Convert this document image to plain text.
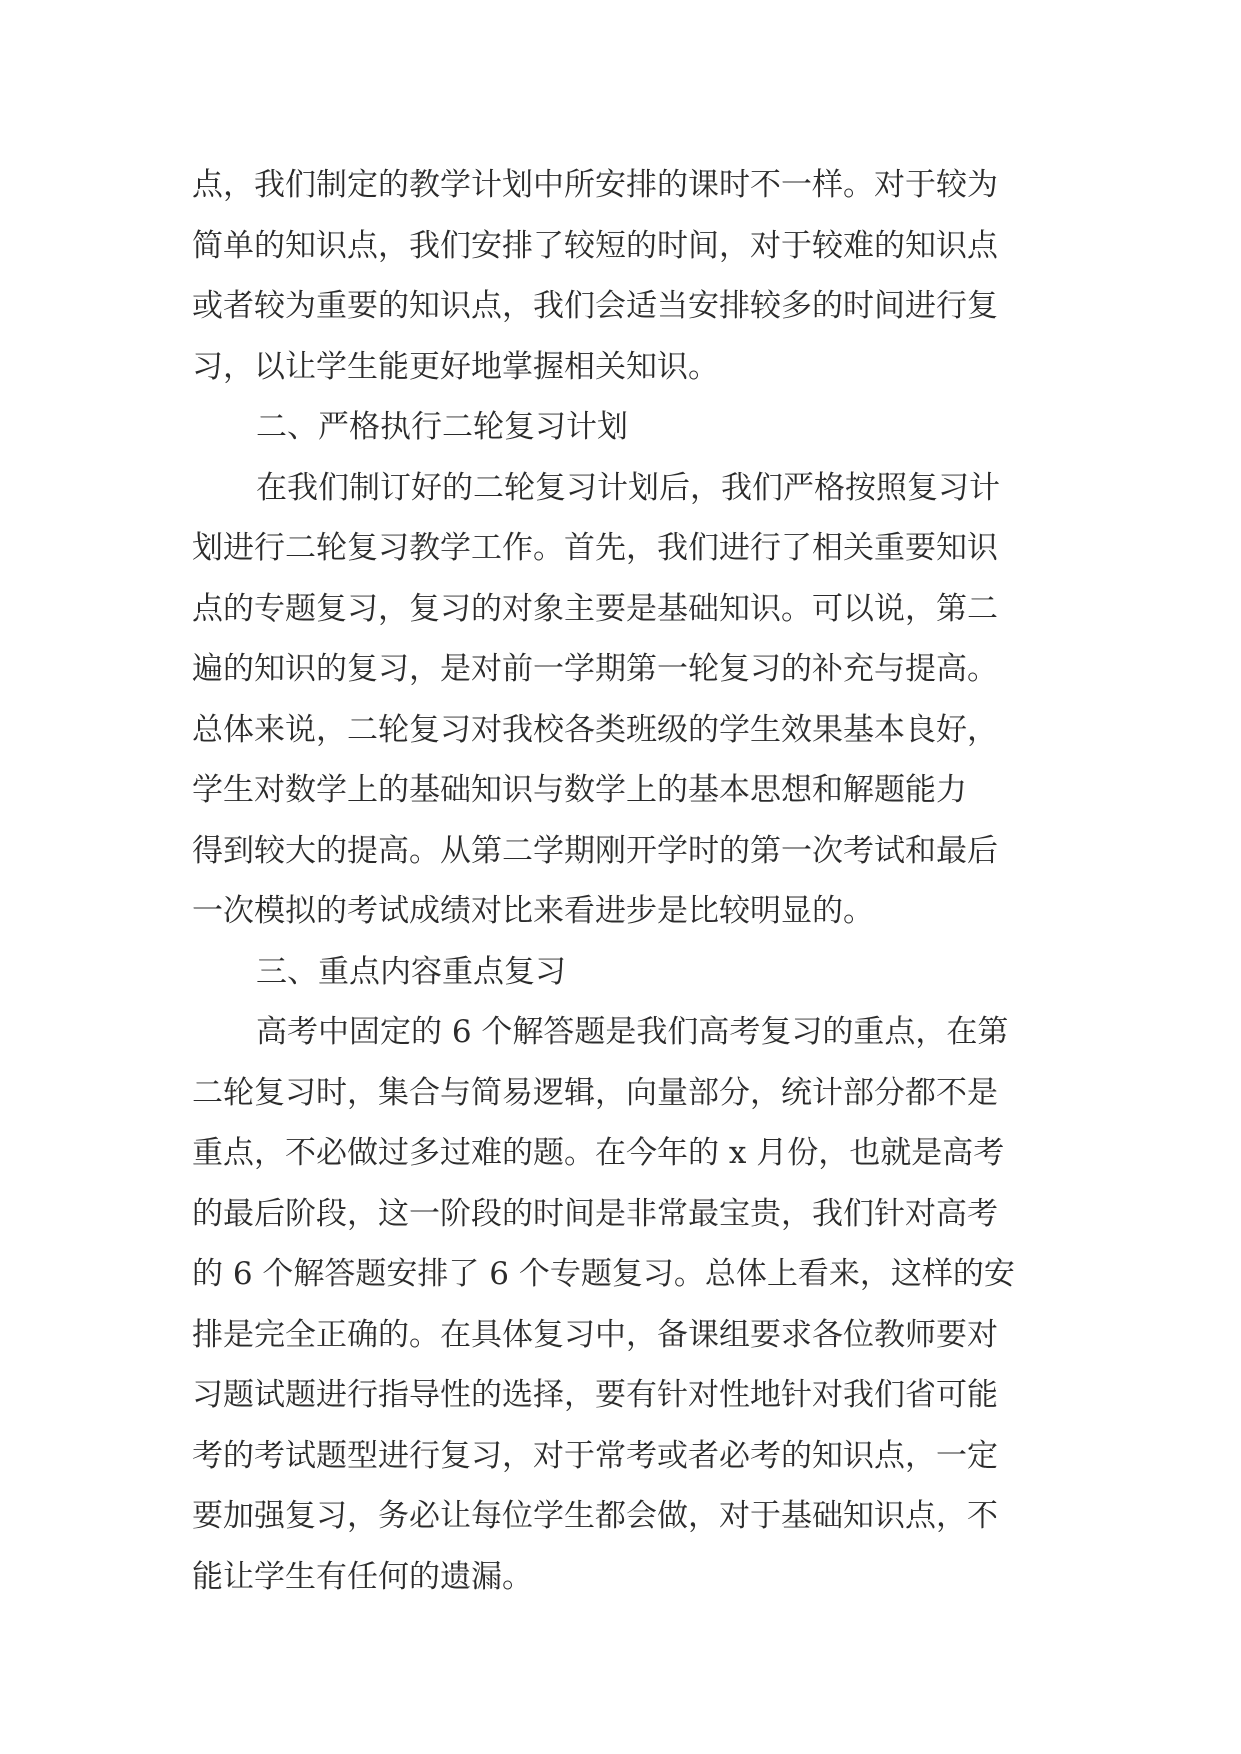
点，我们制定的教学计划中所安排的课时不一样。对于较为
简单的知识点，我们安排了较短的时间，对于较难的知识点
或者较为重要的知识点，我们会适当安排较多的时间进行复
习，以让学生能更好地掌握相关知识。
二、严格执行二轮复习计划
在我们制订好的二轮复习计划后，我们严格按照复习计
划进行二轮复习教学工作。首先，我们进行了相关重要知识
点的专题复习，复习的对象主要是基础知识。可以说，第二
遍的知识的复习，是对前一学期第一轮复习的补充与提高。
总体来说，二轮复习对我校各类班级的学生效果基本良好，
学生对数学上的基础知识与数学上的基本思想和解题能力
得到较大的提高。从第二学期刚开学时的第一次考试和最后
一次模拟的考试成绩对比来看进步是比较明显的。
三、重点内容重点复习
高考中固定的 6 个解答题是我们高考复习的重点，在第
二轮复习时，集合与简易逻辑，向量部分，统计部分都不是
重点，不必做过多过难的题。在今年的 x 月份，也就是高考
的最后阶段，这一阶段的时间是非常最宝贵，我们针对高考
的 6 个解答题安排了 6 个专题复习。总体上看来，这样的安
排是完全正确的。在具体复习中，备课组要求各位教师要对
习题试题进行指导性的选择，要有针对性地针对我们省可能
考的考试题型进行复习，对于常考或者必考的知识点，一定
要加强复习，务必让每位学生都会做，对于基础知识点，不
能让学生有任何的遗漏。
